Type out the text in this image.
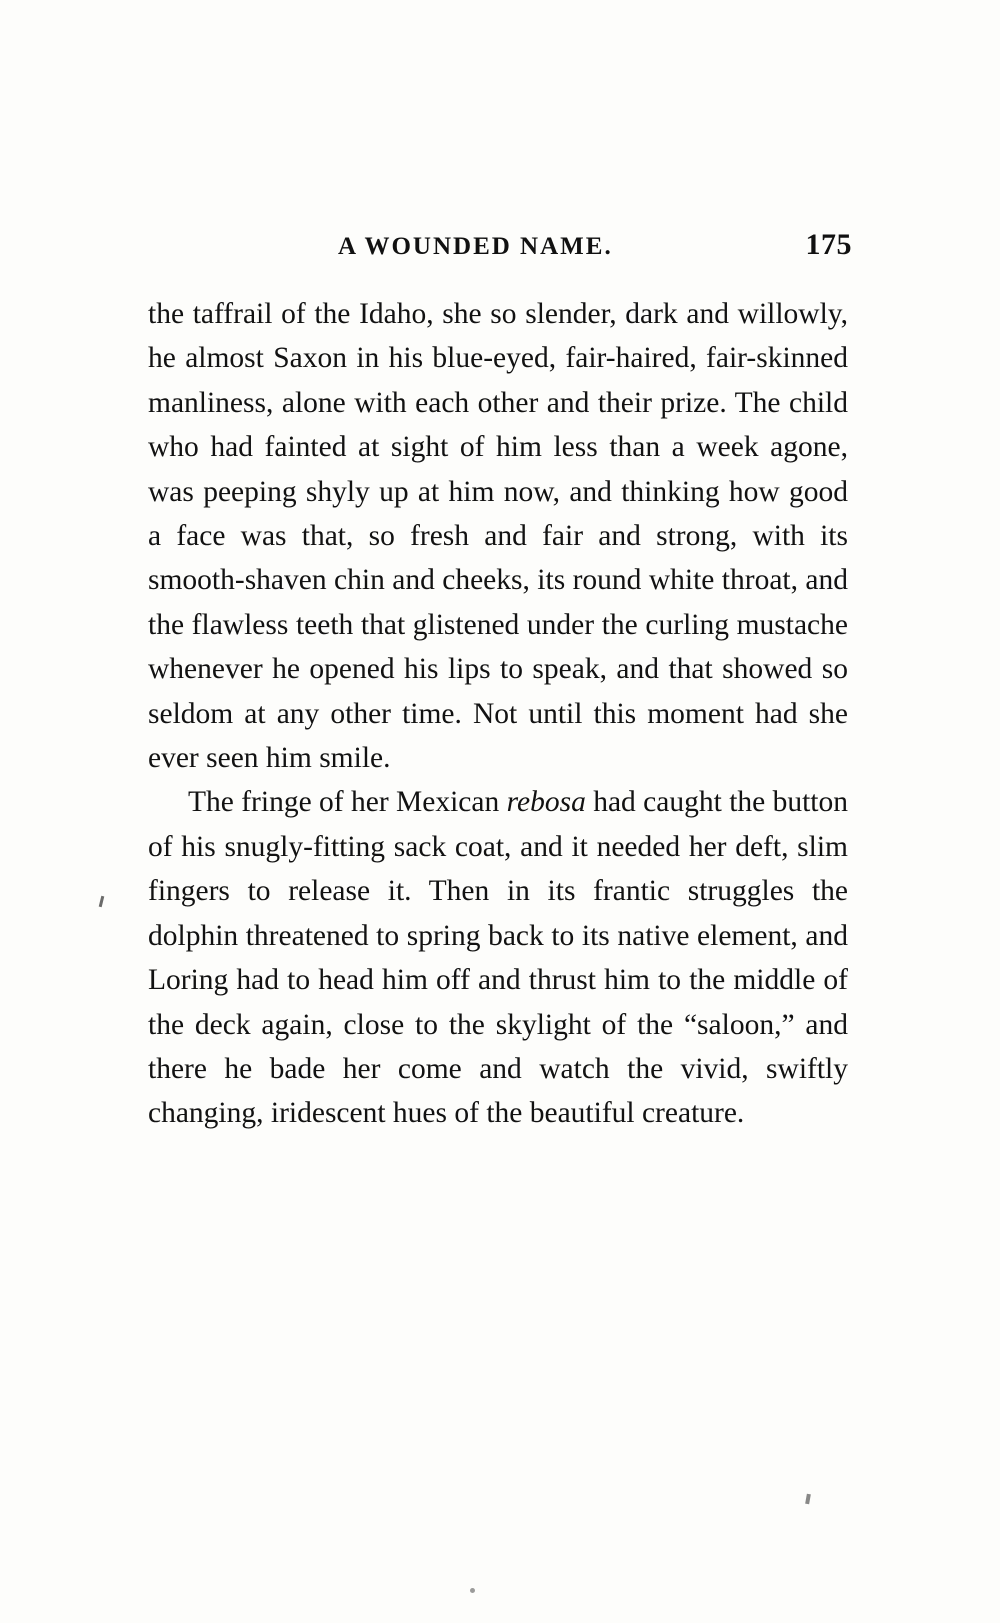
A WOUNDED NAME.	175

the taffrail of the Idaho, she so slender, dark and willowly, he almost Saxon in his blue-eyed, fair-haired, fair-skinned manliness, alone with each other and their prize. The child who had fainted at sight of him less than a week agone, was peeping shyly up at him now, and thinking how good a face was that, so fresh and fair and strong, with its smooth-shaven chin and cheeks, its round white throat, and the flawless teeth that glistened under the curling mustache whenever he opened his lips to speak, and that showed so seldom at any other time. Not until this moment had she ever seen him smile.

The fringe of her Mexican rebosa had caught the button of his snugly-fitting sack coat, and it needed her deft, slim fingers to release it. Then in its frantic struggles the dolphin threatened to spring back to its native element, and Loring had to head him off and thrust him to the middle of the deck again, close to the skylight of the “saloon,” and there he bade her come and watch the vivid, swiftly changing, iridescent hues of the beautiful creature.
